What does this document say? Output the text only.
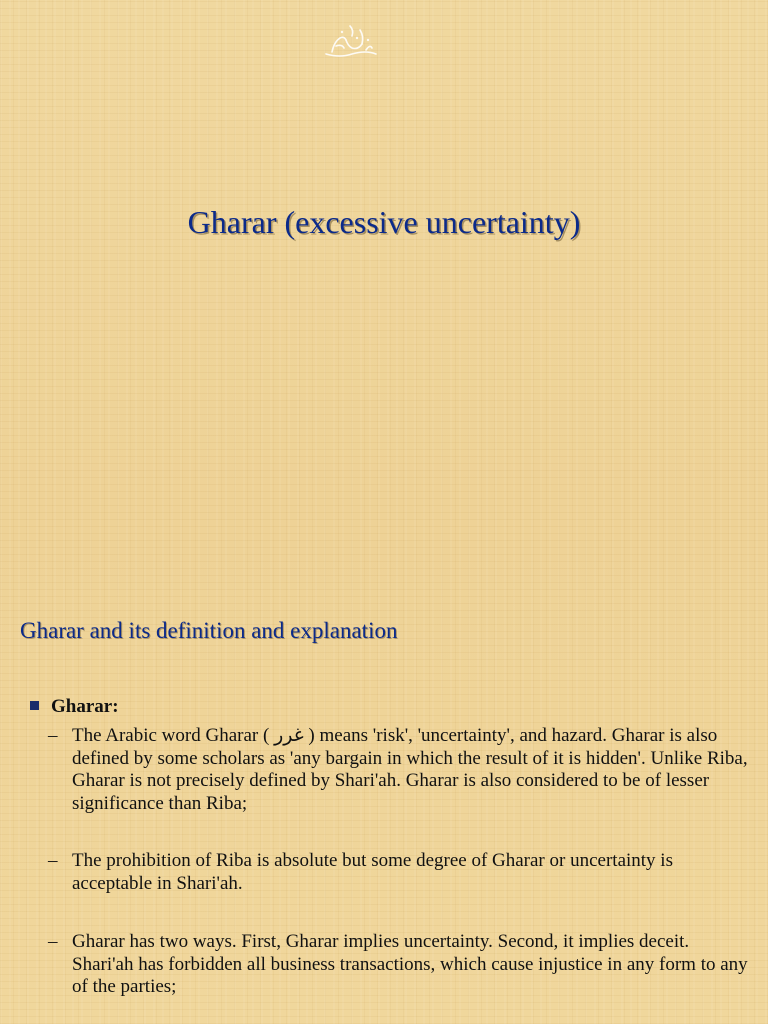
Gharar (excessive uncertainty)
Gharar and its definition and explanation
Gharar:
– The Arabic word Gharar ( غرر ) means 'risk', 'uncertainty', and hazard. Gharar is also defined by some scholars as 'any bargain in which the result of it is hidden'. Unlike Riba, Gharar is not precisely defined by Shari'ah. Gharar is also considered to be of lesser significance than Riba;
– The prohibition of Riba is absolute but some degree of Gharar or uncertainty is acceptable in Shari'ah.
– Gharar has two ways. First, Gharar implies uncertainty. Second, it implies deceit. Shari'ah has forbidden all business transactions, which cause injustice in any form to any of the parties;
